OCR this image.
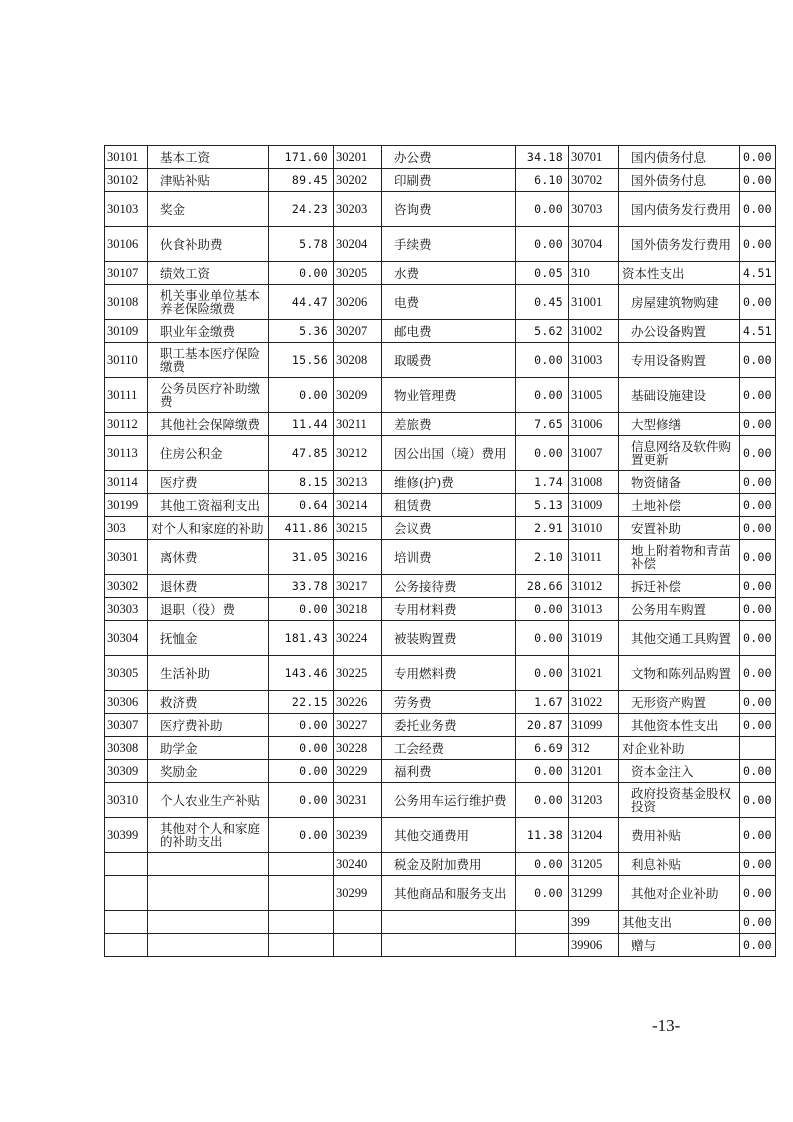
30101	基本工资	171.60	30201	办公费	34.18	30701	国内债务付息	0.00
30102	津贴补贴	89.45	30202	印刷费	6.10	30702	国外债务付息	0.00
30103	奖金	24.23	30203	咨询费	0.00	30703	国内债务发行费用	0.00
30106	伙食补助费	5.78	30204	手续费	0.00	30704	国外债务发行费用	0.00
30107	绩效工资	0.00	30205	水费	0.05	310	资本性支出	4.51
30108	机关事业单位基本养老保险缴费	44.47	30206	电费	0.45	31001	房屋建筑物购建	0.00
30109	职业年金缴费	5.36	30207	邮电费	5.62	31002	办公设备购置	4.51
30110	职工基本医疗保险缴费	15.56	30208	取暖费	0.00	31003	专用设备购置	0.00
30111	公务员医疗补助缴费	0.00	30209	物业管理费	0.00	31005	基础设施建设	0.00
30112	其他社会保障缴费	11.44	30211	差旅费	7.65	31006	大型修缮	0.00
30113	住房公积金	47.85	30212	因公出国（境）费用	0.00	31007	信息网络及软件购置更新	0.00
30114	医疗费	8.15	30213	维修(护)费	1.74	31008	物资储备	0.00
30199	其他工资福利支出	0.64	30214	租赁费	5.13	31009	土地补偿	0.00
303	对个人和家庭的补助	411.86	30215	会议费	2.91	31010	安置补助	0.00
30301	离休费	31.05	30216	培训费	2.10	31011	地上附着物和青苗补偿	0.00
30302	退休费	33.78	30217	公务接待费	28.66	31012	拆迁补偿	0.00
30303	退职（役）费	0.00	30218	专用材料费	0.00	31013	公务用车购置	0.00
30304	抚恤金	181.43	30224	被装购置费	0.00	31019	其他交通工具购置	0.00
30305	生活补助	143.46	30225	专用燃料费	0.00	31021	文物和陈列品购置	0.00
30306	救济费	22.15	30226	劳务费	1.67	31022	无形资产购置	0.00
30307	医疗费补助	0.00	30227	委托业务费	20.87	31099	其他资本性支出	0.00
30308	助学金	0.00	30228	工会经费	6.69	312	对企业补助	
30309	奖励金	0.00	30229	福利费	0.00	31201	资本金注入	0.00
30310	个人农业生产补贴	0.00	30231	公务用车运行维护费	0.00	31203	政府投资基金股权投资	0.00
30399	其他对个人和家庭的补助支出	0.00	30239	其他交通费用	11.38	31204	费用补贴	0.00
			30240	税金及附加费用	0.00	31205	利息补贴	0.00
			30299	其他商品和服务支出	0.00	31299	其他对企业补助	0.00
						399	其他支出	0.00
						39906	赠与	0.00
-13-
